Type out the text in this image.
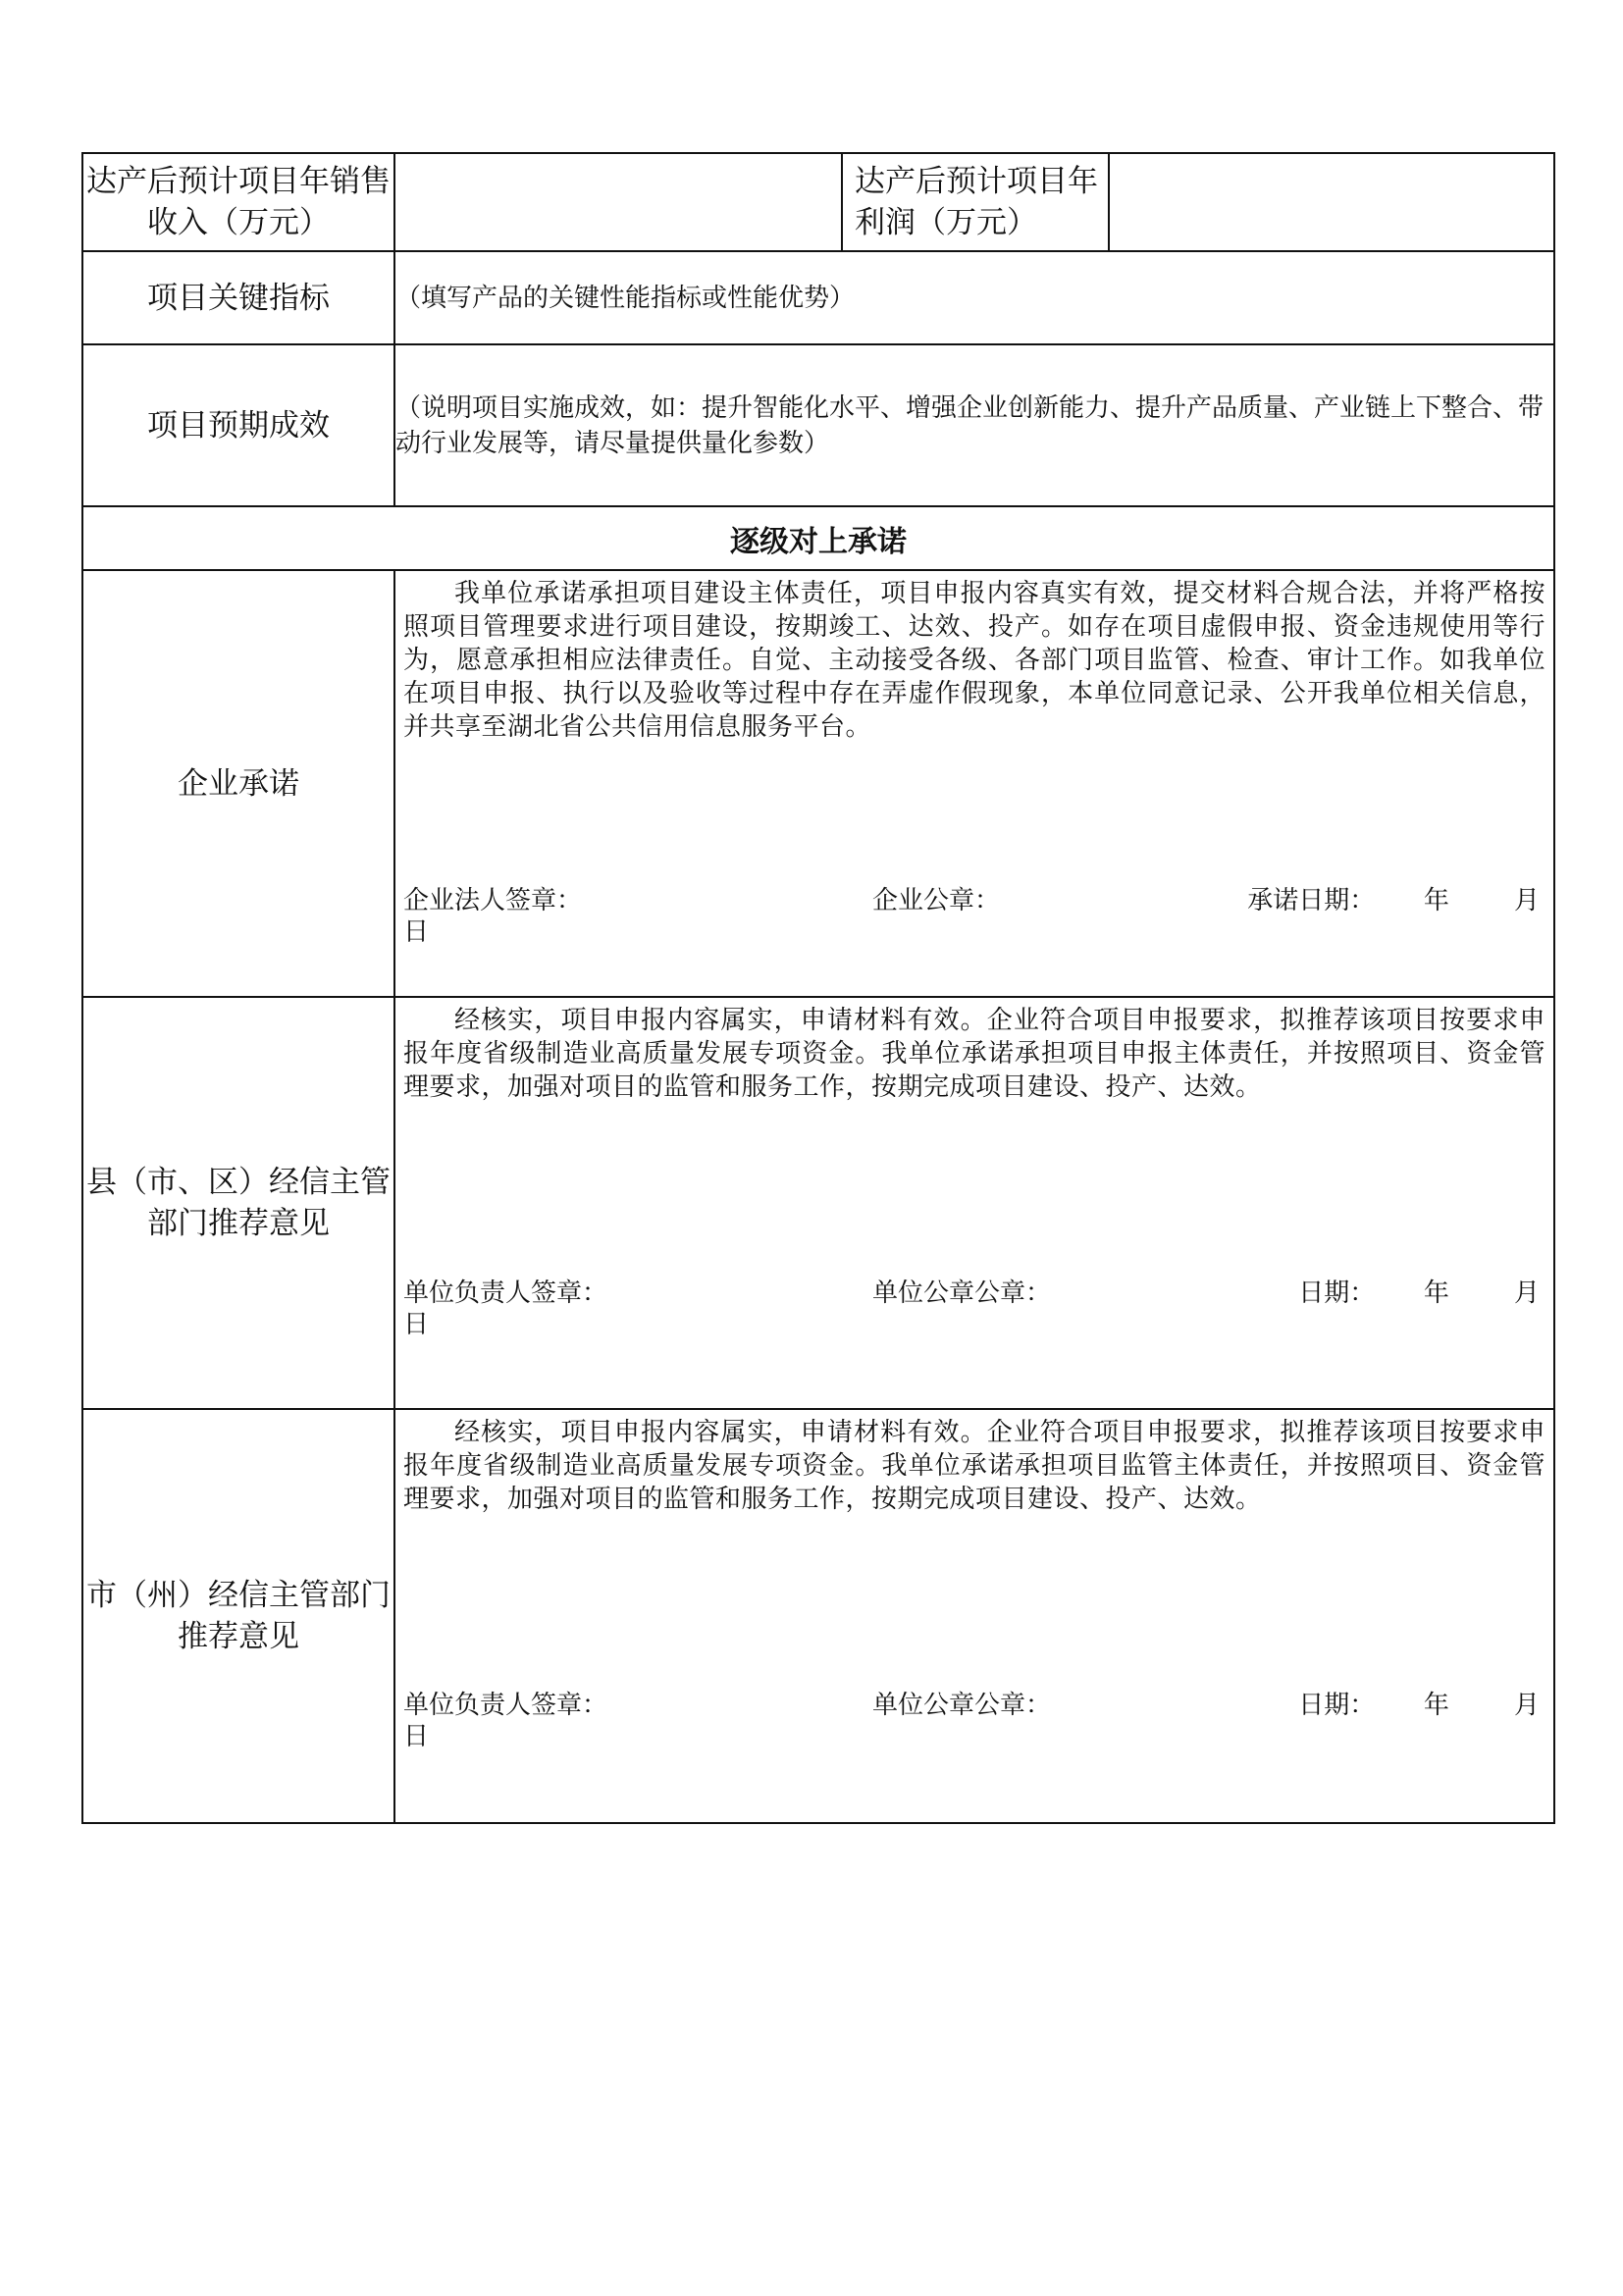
达产后预计项目年销售收入（万元）		达产后预计项目年利润（万元）	
项目关键指标	（填写产品的关键性能指标或性能优势）		
项目预期成效	（说明项目实施成效，如：提升智能化水平、增强企业创新能力、提升产品质量、产业链上下整合、带动行业发展等，请尽量提供量化参数）		
逐级对上承诺			
企业承诺	我单位承诺承担项目建设主体责任，项目申报内容真实有效，提交材料合规合法，并将严格按照项目管理要求进行项目建设，按期竣工、达效、投产。如存在项目虚假申报、资金违规使用等行为，愿意承担相应法律责任。自觉、主动接受各级、各部门项目监管、检查、审计工作。如我单位在项目申报、执行以及验收等过程中存在弄虚作假现象，本单位同意记录、公开我单位相关信息，并共享至湖北省公共信用信息服务平台。
企业法人签章： 企业公章： 承诺日期：      年        月
日		

县（市、区）经信主管部门推荐意见	经核实，项目申报内容属实，申请材料有效。企业符合项目申报要求，拟推荐该项目按要求申报年度省级制造业高质量发展专项资金。我单位承诺承担项目申报主体责任，并按照项目、资金管理要求，加强对项目的监管和服务工作，按期完成项目建设、投产、达效。
单位负责人签章： 单位公章公章： 日期：      年        月
日		

市（州）经信主管部门推荐意见	经核实，项目申报内容属实，申请材料有效。企业符合项目申报要求，拟推荐该项目按要求申报年度省级制造业高质量发展专项资金。我单位承诺承担项目监管主体责任，并按照项目、资金管理要求，加强对项目的监管和服务工作，按期完成项目建设、投产、达效。
单位负责人签章： 单位公章公章： 日期：      年        月
日		
